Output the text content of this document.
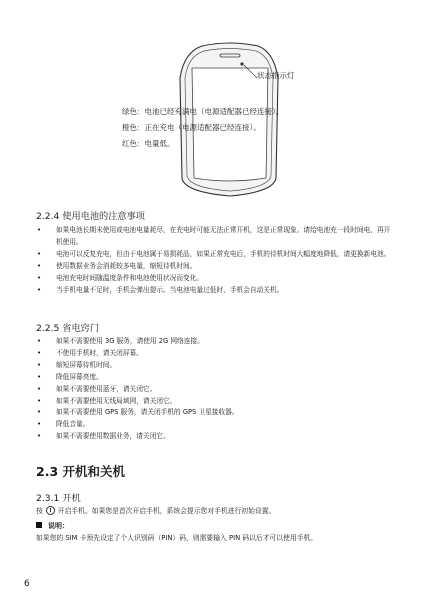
状态指示灯
绿色：电池已经充满电（电源适配器已经连接）。
橙色：正在充电（电源适配器已经连接）。
红色：电量低。
2.2.4 使用电池的注意事项
• 如果电池长期未使用或电池电量耗尽，在充电时可能无法正常开机，这是正常现象。请给电池充一段时间电，再开机使用。
• 电池可以反复充电，但由于电池属于易损耗品，如果正常充电后，手机的待机时间大幅度地降低，请更换新电池。
• 使用数据业务会消耗较多电量，缩短待机时间。
• 电池充电时间随温度条件和电池使用状况而变化。
• 当手机电量不足时，手机会弹出提示。当电池电量过低时，手机会自动关机。
2.2.5 省电窍门
• 如果不需要使用 3G 服务，请使用 2G 网络连接。
• 不使用手机时，请关闭屏幕。
• 缩短屏幕待机时间。
• 降低屏幕亮度。
• 如果不需要使用蓝牙，请关闭它。
• 如果不需要使用无线局域网，请关闭它。
• 如果不需要使用 GPS 服务，请关闭手机的 GPS 卫星接收器。
• 降低音量。
• 如果不需要使用数据业务，请关闭它。
2.3 开机和关机
2.3.1 开机
按 开启手机。如果您是首次开启手机，系统会提示您对手机进行初始设置。
说明：
如果您的 SIM 卡预先设定了个人识别码（PIN）码，则需要输入 PIN 码以后才可以使用手机。
6
